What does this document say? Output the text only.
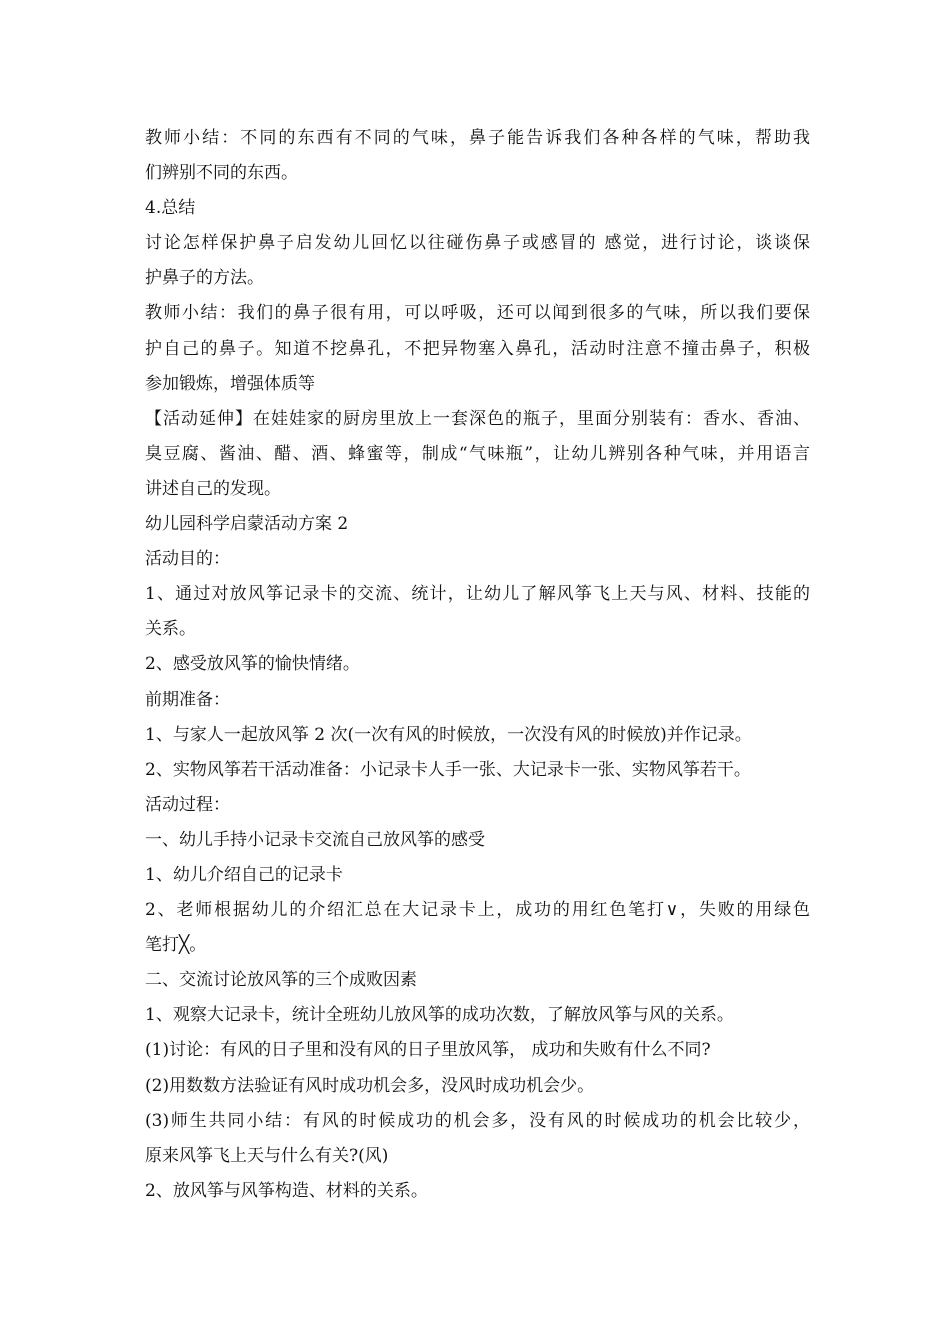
教师小结：不同的东西有不同的气味，鼻子能告诉我们各种各样的气味，帮助我
们辨别不同的东西。
4.总结
讨论怎样保护鼻子启发幼儿回忆以往碰伤鼻子或感冒的 感觉，进行讨论，谈谈保
护鼻子的方法。
教师小结：我们的鼻子很有用，可以呼吸，还可以闻到很多的气味，所以我们要保
护自己的鼻子。知道不挖鼻孔，不把异物塞入鼻孔，活动时注意不撞击鼻子，积极
参加锻炼，增强体质等
【活动延伸】在娃娃家的厨房里放上一套深色的瓶子，里面分别装有：香水、香油、
臭豆腐、酱油、醋、酒、蜂蜜等，制成“气味瓶”，让幼儿辨别各种气味，并用语言
讲述自己的发现。
幼儿园科学启蒙活动方案 2
活动目的：
1、通过对放风筝记录卡的交流、统计，让幼儿了解风筝飞上天与风、材料、技能的
关系。
2、感受放风筝的愉快情绪。
前期准备：
1、与家人一起放风筝 2 次(一次有风的时候放，一次没有风的时候放)并作记录。
2、实物风筝若干活动准备：小记录卡人手一张、大记录卡一张、实物风筝若干。
活动过程：
一、幼儿手持小记录卡交流自己放风筝的感受
1、幼儿介绍自己的记录卡
2、老师根据幼儿的介绍汇总在大记录卡上，成功的用红色笔打∨，失败的用绿色
笔打╳。
二、交流讨论放风筝的三个成败因素
1、观察大记录卡，统计全班幼儿放风筝的成功次数，了解放风筝与风的关系。
(1)讨论：有风的日子里和没有风的日子里放风筝， 成功和失败有什么不同?
(2)用数数方法验证有风时成功机会多，没风时成功机会少。
(3)师生共同小结：有风的时候成功的机会多，没有风的时候成功的机会比较少，
原来风筝飞上天与什么有关?(风)
2、放风筝与风筝构造、材料的关系。
